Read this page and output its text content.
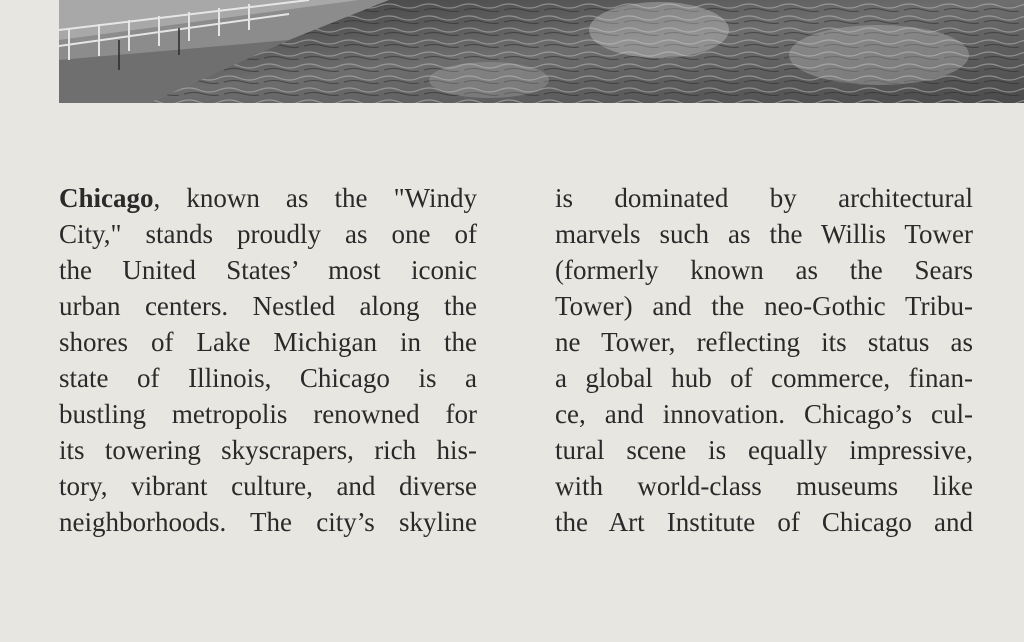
Chicago, known as the "Windy
City," stands proudly as one of
the United States’ most iconic
urban centers. Nestled along the
shores of Lake Michigan in the
state of Illinois, Chicago is a
bustling metropolis renowned for
its towering skyscrapers, rich his-
tory, vibrant culture, and diverse
neighborhoods. The city’s skyline
is dominated by architectural
marvels such as the Willis Tower
(formerly known as the Sears
Tower) and the neo-Gothic Tribu-
ne Tower, reflecting its status as
a global hub of commerce, finan-
ce, and innovation. Chicago’s cul-
tural scene is equally impressive,
with world-class museums like
the Art Institute of Chicago and
